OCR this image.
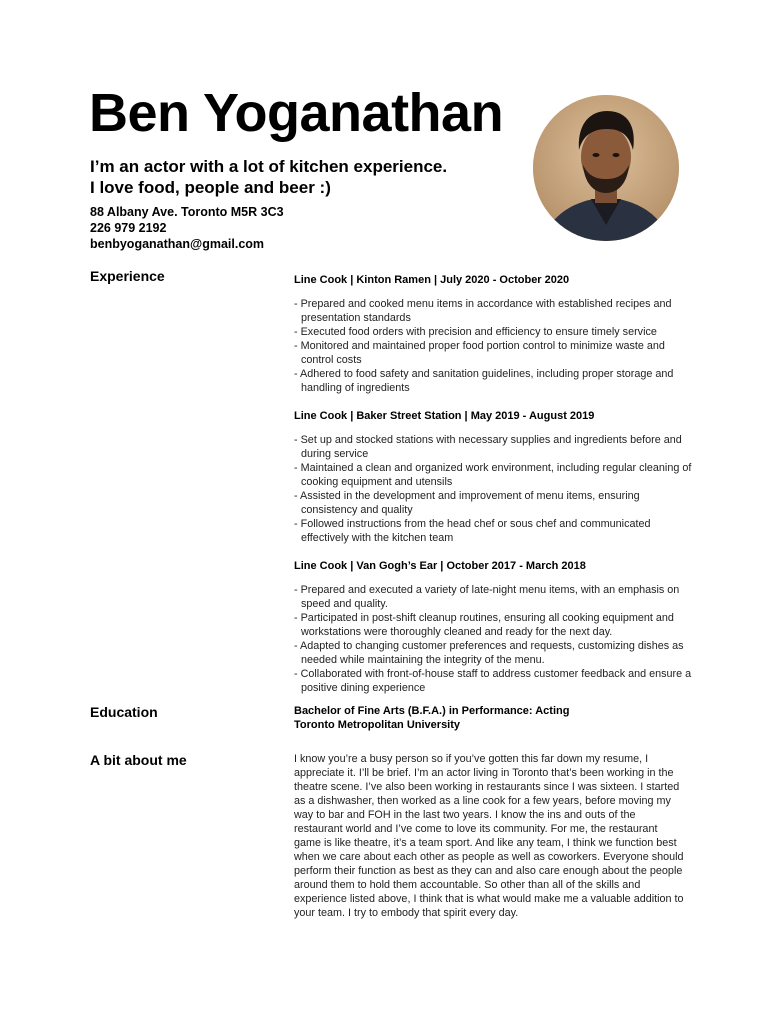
Ben Yoganathan
I’m an actor with a lot of kitchen experience.
I love food, people and beer :)
88 Albany Ave. Toronto M5R 3C3
226 979 2192
benbyoganathan@gmail.com
Experience	Line Cook | Kinton Ramen | July 2020 - October 2020
- Prepared and cooked menu items in accordance with established recipes and presentation standards
- Executed food orders with precision and efficiency to ensure timely service
- Monitored and maintained proper food portion control to minimize waste and control costs
- Adhered to food safety and sanitation guidelines, including proper storage and handling of ingredients
Line Cook | Baker Street Station | May 2019 - August 2019
- Set up and stocked stations with necessary supplies and ingredients before and during service
- Maintained a clean and organized work environment, including regular cleaning of cooking equipment and utensils
- Assisted in the development and improvement of menu items, ensuring consistency and quality
- Followed instructions from the head chef or sous chef and communicated effectively with the kitchen team
Line Cook | Van Gogh’s Ear | October 2017 - March 2018
- Prepared and executed a variety of late-night menu items, with an emphasis on speed and quality.
- Participated in post-shift cleanup routines, ensuring all cooking equipment and workstations were thoroughly cleaned and ready for the next day.
- Adapted to changing customer preferences and requests, customizing dishes as needed while maintaining the integrity of the menu.
- Collaborated with front-of-house staff to address customer feedback and ensure a positive dining experience
Education	Bachelor of Fine Arts (B.F.A.) in Performance: Acting
Toronto Metropolitan University
A bit about me	I know you’re a busy person so if you’ve gotten this far down my resume, I appreciate it. I’ll be brief. I’m an actor living in Toronto that’s been working in the theatre scene. I’ve also been working in restaurants since I was sixteen. I started as a dishwasher, then worked as a line cook for a few years, before moving my way to bar and FOH in the last two years. I know the ins and outs of the restaurant world and I’ve come to love its community. For me, the restaurant game is like theatre, it’s a team sport. And like any team, I think we function best when we care about each other as people as well as coworkers. Everyone should perform their function as best as they can and also care enough about the people around them to hold them accountable. So other than all of the skills and experience listed above, I think that is what would make me a valuable addition to your team. I try to embody that spirit every day.
